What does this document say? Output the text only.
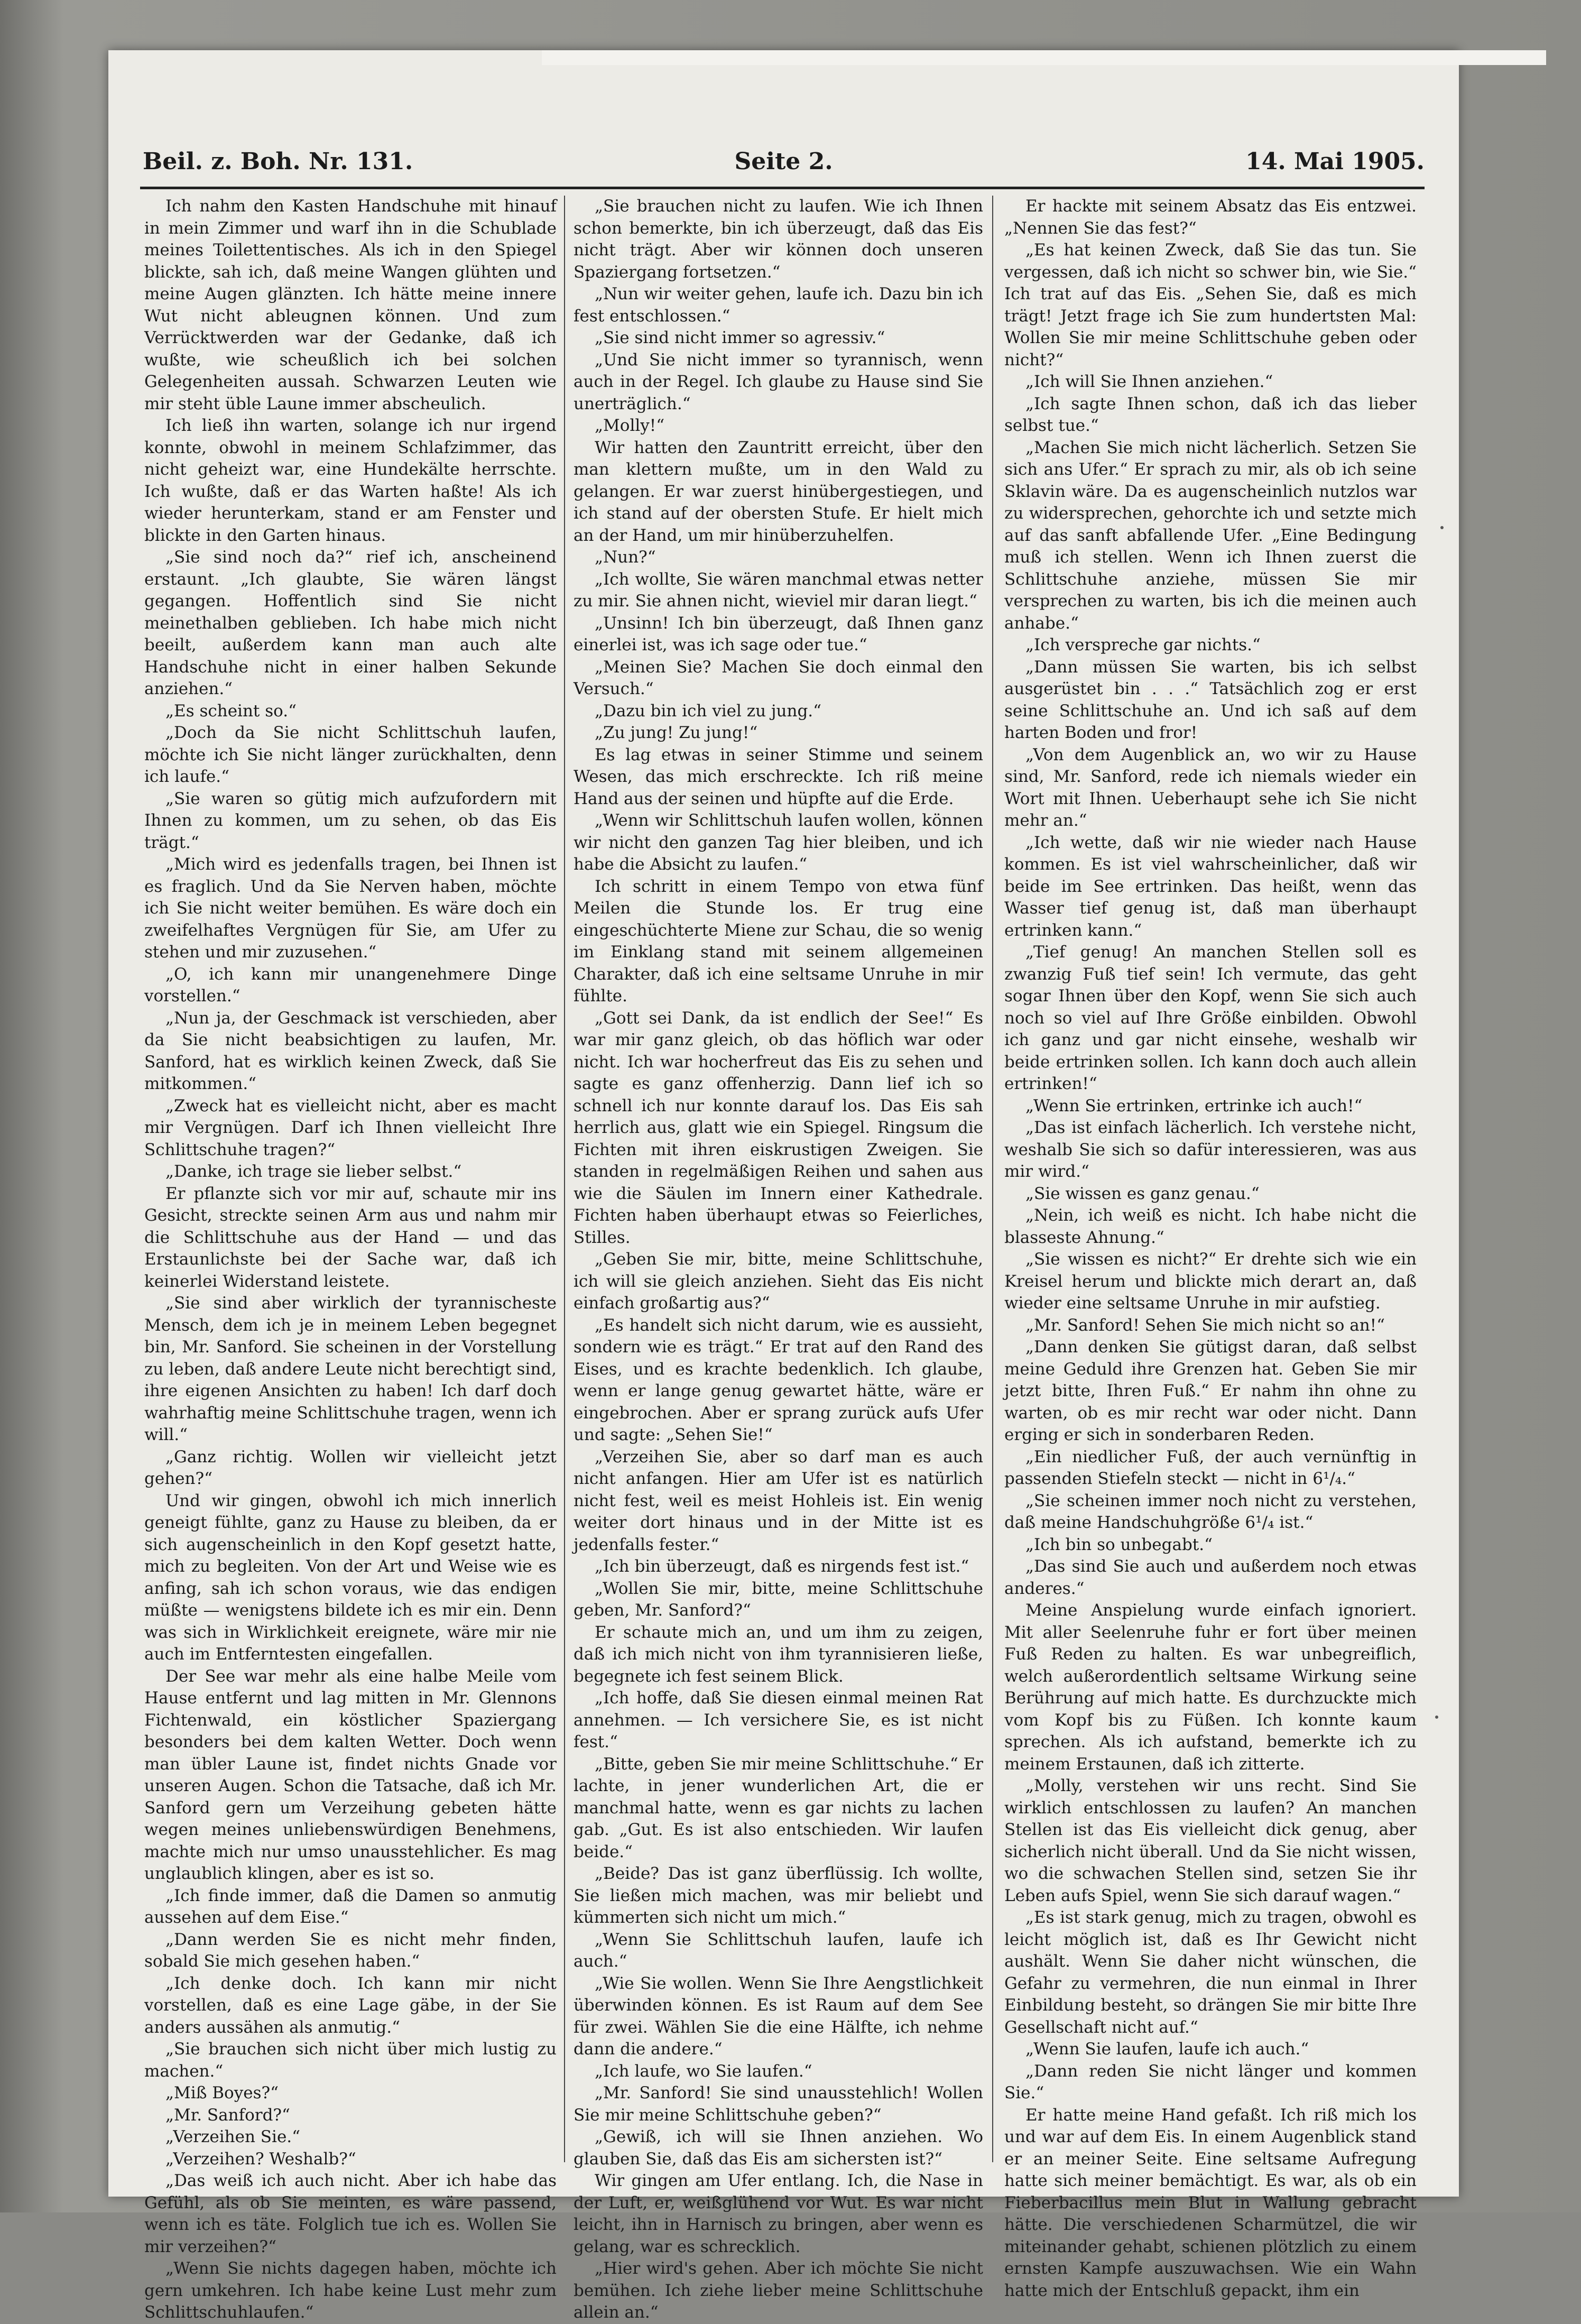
Beil. z. Boh. Nr. 131.	Seite 2.	14. Mai 1905.

Ich nahm den Kasten Handschuhe mit hinauf in mein Zimmer und warf ihn in die Schublade meines Toilettentisches. Als ich in den Spiegel blickte, sah ich, daß meine Wangen glühten und meine Augen glänzten. Ich hätte meine innere Wut nicht ableugnen können. Und zum Verrücktwerden war der Gedanke, daß ich wußte, wie scheußlich ich bei solchen Gelegenheiten aussah. Schwarzen Leuten wie mir steht üble Laune immer abscheulich.

Ich ließ ihn warten, solange ich nur irgend konnte, obwohl in meinem Schlafzimmer, das nicht geheizt war, eine Hundekälte herrschte. Ich wußte, daß er das Warten haßte! Als ich wieder herunterkam, stand er am Fenster und blickte in den Garten hinaus.

„Sie sind noch da?“ rief ich, anscheinend erstaunt. „Ich glaubte, Sie wären längst gegangen. Hoffentlich sind Sie nicht meinethalben geblieben. Ich habe mich nicht beeilt, außerdem kann man auch alte Handschuhe nicht in einer halben Sekunde anziehen.“

„Es scheint so.“

„Doch da Sie nicht Schlittschuh laufen, möchte ich Sie nicht länger zurückhalten, denn ich laufe.“

„Sie waren so gütig mich aufzufordern mit Ihnen zu kommen, um zu sehen, ob das Eis trägt.“

„Mich wird es jedenfalls tragen, bei Ihnen ist es fraglich. Und da Sie Nerven haben, möchte ich Sie nicht weiter bemühen. Es wäre doch ein zweifelhaftes Vergnügen für Sie, am Ufer zu stehen und mir zuzusehen.“

„O, ich kann mir unangenehmere Dinge vorstellen.“

„Nun ja, der Geschmack ist verschieden, aber da Sie nicht beabsichtigen zu laufen, Mr. Sanford, hat es wirklich keinen Zweck, daß Sie mitkommen.“

„Zweck hat es vielleicht nicht, aber es macht mir Vergnügen. Darf ich Ihnen vielleicht Ihre Schlittschuhe tragen?“

„Danke, ich trage sie lieber selbst.“

Er pflanzte sich vor mir auf, schaute mir ins Gesicht, streckte seinen Arm aus und nahm mir die Schlittschuhe aus der Hand — und das Erstaunlichste bei der Sache war, daß ich keinerlei Widerstand leistete.

„Sie sind aber wirklich der tyrannischeste Mensch, dem ich je in meinem Leben begegnet bin, Mr. Sanford. Sie scheinen in der Vorstellung zu leben, daß andere Leute nicht berechtigt sind, ihre eigenen Ansichten zu haben! Ich darf doch wahrhaftig meine Schlittschuhe tragen, wenn ich will.“

„Ganz richtig. Wollen wir vielleicht jetzt gehen?“

Und wir gingen, obwohl ich mich innerlich geneigt fühlte, ganz zu Hause zu bleiben, da er sich augenscheinlich in den Kopf gesetzt hatte, mich zu begleiten. Von der Art und Weise wie es anfing, sah ich schon voraus, wie das endigen müßte — wenigstens bildete ich es mir ein. Denn was sich in Wirklichkeit ereignete, wäre mir nie auch im Entferntesten eingefallen.

Der See war mehr als eine halbe Meile vom Hause entfernt und lag mitten in Mr. Glennons Fichtenwald, ein köstlicher Spaziergang besonders bei dem kalten Wetter. Doch wenn man übler Laune ist, findet nichts Gnade vor unseren Augen. Schon die Tatsache, daß ich Mr. Sanford gern um Verzeihung gebeten hätte wegen meines unliebenswürdigen Benehmens, machte mich nur umso unausstehlicher. Es mag unglaublich klingen, aber es ist so.

„Ich finde immer, daß die Damen so anmutig aussehen auf dem Eise.“

„Dann werden Sie es nicht mehr finden, sobald Sie mich gesehen haben.“

„Ich denke doch. Ich kann mir nicht vorstellen, daß es eine Lage gäbe, in der Sie anders aussähen als anmutig.“

„Sie brauchen sich nicht über mich lustig zu machen.“

„Miß Boyes?“

„Mr. Sanford?“

„Verzeihen Sie.“

„Verzeihen? Weshalb?“

„Das weiß ich auch nicht. Aber ich habe das Gefühl, als ob Sie meinten, es wäre passend, wenn ich es täte. Folglich tue ich es. Wollen Sie mir verzeihen?“

„Wenn Sie nichts dagegen haben, möchte ich gern umkehren. Ich habe keine Lust mehr zum Schlittschuhlaufen.“

„Sie brauchen nicht zu laufen. Wie ich Ihnen schon bemerkte, bin ich überzeugt, daß das Eis nicht trägt. Aber wir können doch unseren Spaziergang fortsetzen.“

„Nun wir weiter gehen, laufe ich. Dazu bin ich fest entschlossen.“

„Sie sind nicht immer so agressiv.“

„Und Sie nicht immer so tyrannisch, wenn auch in der Regel. Ich glaube zu Hause sind Sie unerträglich.“

„Molly!“

Wir hatten den Zauntritt erreicht, über den man klettern mußte, um in den Wald zu gelangen. Er war zuerst hinübergestiegen, und ich stand auf der obersten Stufe. Er hielt mich an der Hand, um mir hinüberzuhelfen.

„Nun?“

„Ich wollte, Sie wären manchmal etwas netter zu mir. Sie ahnen nicht, wieviel mir daran liegt.“

„Unsinn! Ich bin überzeugt, daß Ihnen ganz einerlei ist, was ich sage oder tue.“

„Meinen Sie? Machen Sie doch einmal den Versuch.“

„Dazu bin ich viel zu jung.“

„Zu jung! Zu jung!“

Es lag etwas in seiner Stimme und seinem Wesen, das mich erschreckte. Ich riß meine Hand aus der seinen und hüpfte auf die Erde.

„Wenn wir Schlittschuh laufen wollen, können wir nicht den ganzen Tag hier bleiben, und ich habe die Absicht zu laufen.“

Ich schritt in einem Tempo von etwa fünf Meilen die Stunde los. Er trug eine eingeschüchterte Miene zur Schau, die so wenig im Einklang stand mit seinem allgemeinen Charakter, daß ich eine seltsame Unruhe in mir fühlte.

„Gott sei Dank, da ist endlich der See!“ Es war mir ganz gleich, ob das höflich war oder nicht. Ich war hocherfreut das Eis zu sehen und sagte es ganz offenherzig. Dann lief ich so schnell ich nur konnte darauf los. Das Eis sah herrlich aus, glatt wie ein Spiegel. Ringsum die Fichten mit ihren eiskrustigen Zweigen. Sie standen in regelmäßigen Reihen und sahen aus wie die Säulen im Innern einer Kathedrale. Fichten haben überhaupt etwas so Feierliches, Stilles.

„Geben Sie mir, bitte, meine Schlittschuhe, ich will sie gleich anziehen. Sieht das Eis nicht einfach großartig aus?“

„Es handelt sich nicht darum, wie es aussieht, sondern wie es trägt.“ Er trat auf den Rand des Eises, und es krachte bedenklich. Ich glaube, wenn er lange genug gewartet hätte, wäre er eingebrochen. Aber er sprang zurück aufs Ufer und sagte: „Sehen Sie!“

„Verzeihen Sie, aber so darf man es auch nicht anfangen. Hier am Ufer ist es natürlich nicht fest, weil es meist Hohleis ist. Ein wenig weiter dort hinaus und in der Mitte ist es jedenfalls fester.“

„Ich bin überzeugt, daß es nirgends fest ist.“

„Wollen Sie mir, bitte, meine Schlittschuhe geben, Mr. Sanford?“

Er schaute mich an, und um ihm zu zeigen, daß ich mich nicht von ihm tyrannisieren ließe, begegnete ich fest seinem Blick.

„Ich hoffe, daß Sie diesen einmal meinen Rat annehmen. — Ich versichere Sie, es ist nicht fest.“

„Bitte, geben Sie mir meine Schlittschuhe.“ Er lachte, in jener wunderlichen Art, die er manchmal hatte, wenn es gar nichts zu lachen gab. „Gut. Es ist also entschieden. Wir laufen beide.“

„Beide? Das ist ganz überflüssig. Ich wollte, Sie ließen mich machen, was mir beliebt und kümmerten sich nicht um mich.“

„Wenn Sie Schlittschuh laufen, laufe ich auch.“

„Wie Sie wollen. Wenn Sie Ihre Aengstlichkeit überwinden können. Es ist Raum auf dem See für zwei. Wählen Sie die eine Hälfte, ich nehme dann die andere.“

„Ich laufe, wo Sie laufen.“

„Mr. Sanford! Sie sind unausstehlich! Wollen Sie mir meine Schlittschuhe geben?“

„Gewiß, ich will sie Ihnen anziehen. Wo glauben Sie, daß das Eis am sichersten ist?“

Wir gingen am Ufer entlang. Ich, die Nase in der Luft, er, weißglühend vor Wut. Es war nicht leicht, ihn in Harnisch zu bringen, aber wenn es gelang, war es schrecklich.

„Hier wird's gehen. Aber ich möchte Sie nicht bemühen. Ich ziehe lieber meine Schlittschuhe allein an.“

Er hackte mit seinem Absatz das Eis entzwei. „Nennen Sie das fest?“

„Es hat keinen Zweck, daß Sie das tun. Sie vergessen, daß ich nicht so schwer bin, wie Sie.“ Ich trat auf das Eis. „Sehen Sie, daß es mich trägt! Jetzt frage ich Sie zum hundertsten Mal: Wollen Sie mir meine Schlittschuhe geben oder nicht?“

„Ich will Sie Ihnen anziehen.“

„Ich sagte Ihnen schon, daß ich das lieber selbst tue.“

„Machen Sie mich nicht lächerlich. Setzen Sie sich ans Ufer.“ Er sprach zu mir, als ob ich seine Sklavin wäre. Da es augenscheinlich nutzlos war zu widersprechen, gehorchte ich und setzte mich auf das sanft abfallende Ufer. „Eine Bedingung muß ich stellen. Wenn ich Ihnen zuerst die Schlittschuhe anziehe, müssen Sie mir versprechen zu warten, bis ich die meinen auch anhabe.“

„Ich verspreche gar nichts.“

„Dann müssen Sie warten, bis ich selbst ausgerüstet bin . . .“ Tatsächlich zog er erst seine Schlittschuhe an. Und ich saß auf dem harten Boden und fror!

„Von dem Augenblick an, wo wir zu Hause sind, Mr. Sanford, rede ich niemals wieder ein Wort mit Ihnen. Ueberhaupt sehe ich Sie nicht mehr an.“

„Ich wette, daß wir nie wieder nach Hause kommen. Es ist viel wahrscheinlicher, daß wir beide im See ertrinken. Das heißt, wenn das Wasser tief genug ist, daß man überhaupt ertrinken kann.“

„Tief genug! An manchen Stellen soll es zwanzig Fuß tief sein! Ich vermute, das geht sogar Ihnen über den Kopf, wenn Sie sich auch noch so viel auf Ihre Größe einbilden. Obwohl ich ganz und gar nicht einsehe, weshalb wir beide ertrinken sollen. Ich kann doch auch allein ertrinken!“

„Wenn Sie ertrinken, ertrinke ich auch!“

„Das ist einfach lächerlich. Ich verstehe nicht, weshalb Sie sich so dafür interessieren, was aus mir wird.“

„Sie wissen es ganz genau.“

„Nein, ich weiß es nicht. Ich habe nicht die blasseste Ahnung.“

„Sie wissen es nicht?“ Er drehte sich wie ein Kreisel herum und blickte mich derart an, daß wieder eine seltsame Unruhe in mir aufstieg.

„Mr. Sanford! Sehen Sie mich nicht so an!“

„Dann denken Sie gütigst daran, daß selbst meine Geduld ihre Grenzen hat. Geben Sie mir jetzt bitte, Ihren Fuß.“ Er nahm ihn ohne zu warten, ob es mir recht war oder nicht. Dann erging er sich in sonderbaren Reden.

„Ein niedlicher Fuß, der auch vernünftig in passenden Stiefeln steckt — nicht in 6¹/₄.“

„Sie scheinen immer noch nicht zu verstehen, daß meine Handschuhgröße 6¹/₄ ist.“

„Ich bin so unbegabt.“

„Das sind Sie auch und außerdem noch etwas anderes.“

Meine Anspielung wurde einfach ignoriert. Mit aller Seelenruhe fuhr er fort über meinen Fuß Reden zu halten. Es war unbegreiflich, welch außerordentlich seltsame Wirkung seine Berührung auf mich hatte. Es durchzuckte mich vom Kopf bis zu Füßen. Ich konnte kaum sprechen. Als ich aufstand, bemerkte ich zu meinem Erstaunen, daß ich zitterte.

„Molly, verstehen wir uns recht. Sind Sie wirklich entschlossen zu laufen? An manchen Stellen ist das Eis vielleicht dick genug, aber sicherlich nicht überall. Und da Sie nicht wissen, wo die schwachen Stellen sind, setzen Sie ihr Leben aufs Spiel, wenn Sie sich darauf wagen.“

„Es ist stark genug, mich zu tragen, obwohl es leicht möglich ist, daß es Ihr Gewicht nicht aushält. Wenn Sie daher nicht wünschen, die Gefahr zu vermehren, die nun einmal in Ihrer Einbildung besteht, so drängen Sie mir bitte Ihre Gesellschaft nicht auf.“

„Wenn Sie laufen, laufe ich auch.“

„Dann reden Sie nicht länger und kommen Sie.“

Er hatte meine Hand gefaßt. Ich riß mich los und war auf dem Eis. In einem Augenblick stand er an meiner Seite. Eine seltsame Aufregung hatte sich meiner bemächtigt. Es war, als ob ein Fieberbacillus mein Blut in Wallung gebracht hätte. Die verschiedenen Scharmützel, die wir miteinander gehabt, schienen plötzlich zu einem ernsten Kampfe auszuwachsen. Wie ein Wahn hatte mich der Entschluß gepackt, ihm ein
